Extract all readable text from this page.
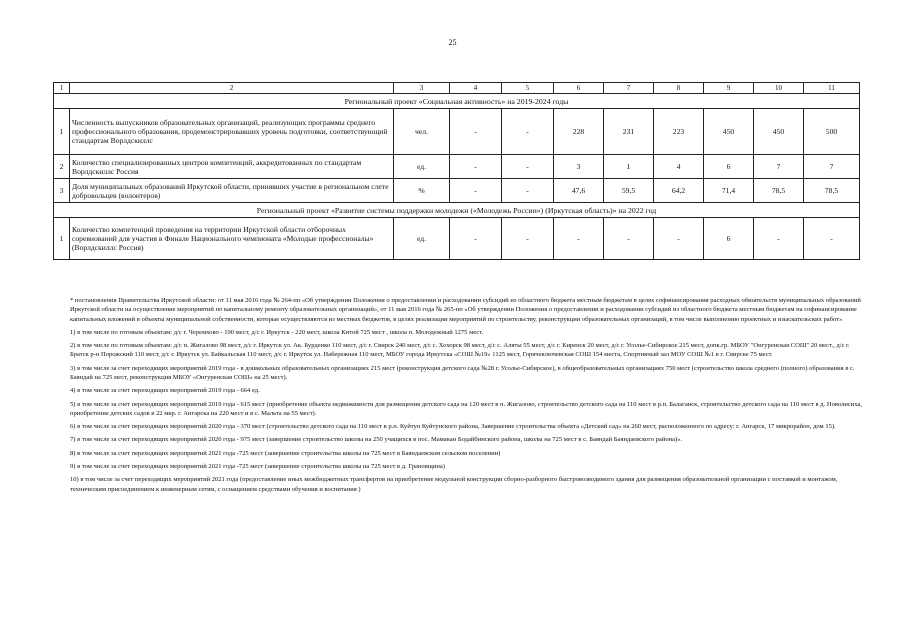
25
1	2	3	4	5	6	7	8	9	10	11
Региональный проект «Социальная активность» на 2019-2024 годы										
1	Численность выпускников образовательных организаций, реализующих программы среднего профессионального образования, продемонстрировавших уровень подготовки, соответствующий стандартам Ворлдскиллс	чел.	-	-	228	231	223	450	450	500
2	Количество специализированных центров компетенций, аккредитованных по стандартам Ворлдскиллс Россия	ед.	-	-	3	1	4	6	7	7
3	Доля муниципальных образований Иркутской области, принявших участие в региональном слете добровольцев (волонтеров)	%	-	-	47,6	59,5	64,2	71,4	78,5	78,5
Региональный проект «Развитие системы поддержки молодежи («Молодежь России») (Иркутская область)» на 2022 год										
1	Количество компетенций проведения на территории Иркутской области отборочных соревнований для участия в Финале Национального чемпионата «Молодые профессионалы» (Ворлдскиллс Россия)	ед.	-	-	-	-	-	6	-	-

* постановления Правительства Иркутской области: от 11 мая 2016 года № 264-пп «Об утверждении Положения о предоставлении и расходовании субсидий из областного бюджета местным бюджетам в целях софинансирования расходных обязательств муниципальных образований Иркутской области на осуществление мероприятий по капитальному ремонту образовательных организаций», от 11 мая 2016 года № 265-пп «Об утверждении Положения о предоставлении и расходовании субсидий из областного бюджета местным бюджетам на софинансирование капитальных вложений в объекты муниципальной собственности, которые осуществляются из местных бюджетов, в целях реализации мероприятий по строительству, реконструкции образовательных организаций, в том числе выполнению проектных и изыскательских работ»

1) в том числе по готовым объектам: д/с г. Черемхово - 190 мест, д/с г. Иркутск - 220 мест, школа Китой 725 мест , школа п. Молодежный 1275 мест.

2) в том числе по готовым объектам: д/с п. Жигалово 98 мест, д/с г. Иркутск ул. Ак. Бурденко 110 мест, д/с г. Свирск 240 мест, д/с с. Хохорск 98 мест, д/с с. Аляты 55 мест, д/с г. Киренск 20 мест, д/с г. Усолье-Сибирское 215 мест, допк.гр. МБОУ "Онгуренская СОШ" 20 мест., д/с г. Братск р-н Порожский 110 мест, д/с г. Иркутск ул. Байкальская 110 мест, д/с г. Иркутск ул. Набережная 110 мест, МБОУ города Иркутска «СОШ №19» 1125 мест, Горячеключевская СОШ 154 места, Спортивный зал МОУ СОШ №1 в г. Свирске 75 мест.

3) в том числе за счет переходящих мероприятий 2019 года - в дошкольных образовательных организациях 215 мест (реконструкция детского сада №28 г. Усолье-Сибирское), в общеобразовательных организациях 750 мест (строительство школа среднего (полного) образования в с. Баяндай на 725 мест, реконструкция МБОУ «Онгуренская СОШ» на 25 мест).

4) в том числе за счет переходящих мероприятий 2019 года - 664 ед.

5) в том числе за счет переходящих мероприятий 2019 года - 615 мест (приобретение объекта недвижимости для размещения детского сада на 120 мест в п. Жигалово, строительство детского сада на 110 мест в р.п. Балаганск, строительство детского сада на 110 мест в д. Новолисиха, приобретение детских садов в 22 мкр. г. Ангарска на 220 мест и в с. Мальта на 55 мест).

6) в том числе за счет переходящих мероприятий 2020 года - 370 мест (строительство детского сада на 110 мест в р.п. Куйтун Куйтунского района, Завершение строительства объекта «Детский сад» на 260 мест, расположенного по адресу: г. Ангарск, 17 микрорайон, дом 15).

7) в том числе за счет переходящих мероприятий 2020 года - 975 мест (завершение строительство школы на 250 учащихся в пос. Мамакан Бодайбинского района, школы на 725 мест в с. Баяндай Баяндаевского района)».

8) в том числе за счет переходящих мероприятий 2021 года -725 мест (завершение строительства школы на 725 мест в Баяндаевском сельском поселении)

9) в том числе за счет переходящих мероприятий 2021 года -725 мест (завершение строительства школы на 725 мест в д. Грановщина)

10) в том числе за счет переходящих мероприятий 2021 года (предоставление иных межбюджетных трансфертов на приобретение модульной конструкции сборно-разборного быстровозводимого здания для размещения образовательной организации с поставкой и монтажом, техническим присоединением к инженерным сетям, с оснащением средствами обучения и воспитания )
